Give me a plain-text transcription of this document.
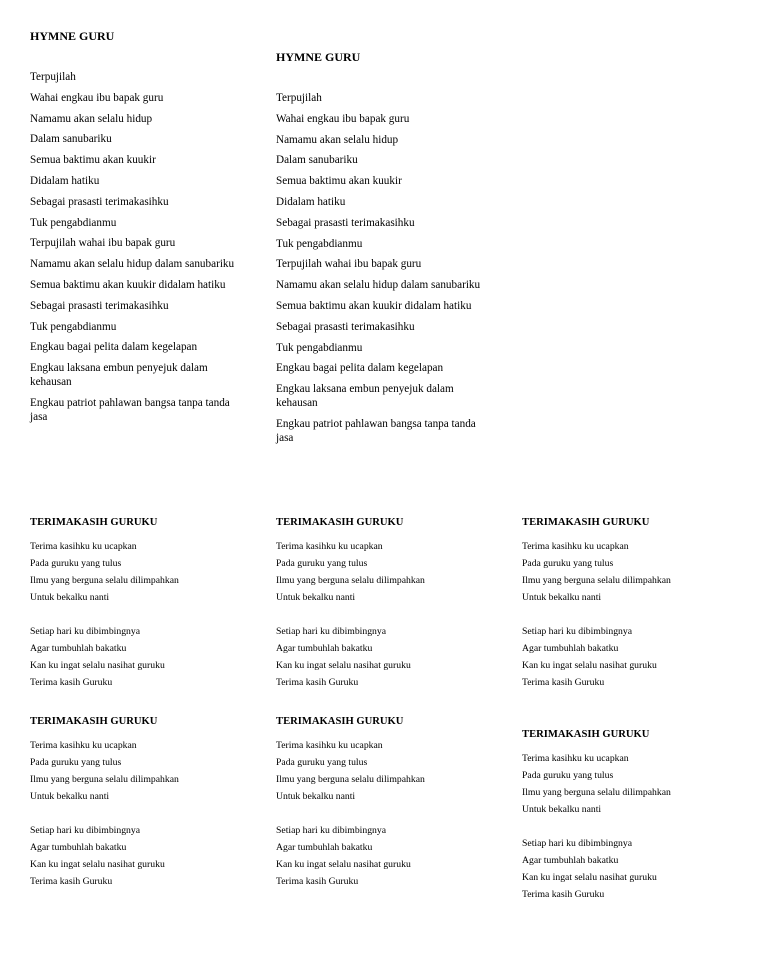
HYMNE GURU
Terpujilah
Wahai engkau ibu bapak guru
Namamu akan selalu hidup
Dalam sanubariku
Semua baktimu akan kuukir
Didalam hatiku
Sebagai prasasti terimakasihku
Tuk pengabdianmu
Terpujilah wahai ibu bapak guru
Namamu akan selalu hidup dalam sanubariku
Semua baktimu akan kuukir didalam hatiku
Sebagai prasasti terimakasihku
Tuk pengabdianmu
Engkau bagai pelita dalam kegelapan
Engkau laksana embun penyejuk dalam kehausan
Engkau patriot pahlawan bangsa tanpa tanda jasa
HYMNE GURU
Terpujilah
Wahai engkau ibu bapak guru
Namamu akan selalu hidup
Dalam sanubariku
Semua baktimu akan kuukir
Didalam hatiku
Sebagai prasasti terimakasihku
Tuk pengabdianmu
Terpujilah wahai ibu bapak guru
Namamu akan selalu hidup dalam sanubariku
Semua baktimu akan kuukir didalam hatiku
Sebagai prasasti terimakasihku
Tuk pengabdianmu
Engkau bagai pelita dalam kegelapan
Engkau laksana embun penyejuk dalam kehausan
Engkau patriot pahlawan bangsa tanpa tanda jasa
TERIMAKASIH GURUKU
Terima kasihku ku ucapkan
Pada guruku yang tulus
Ilmu yang berguna selalu dilimpahkan
Untuk bekalku nanti
Setiap hari ku dibimbingnya
Agar tumbuhlah bakatku
Kan ku ingat selalu nasihat guruku
Terima kasih Guruku
TERIMAKASIH GURUKU
Terima kasihku ku ucapkan
Pada guruku yang tulus
Ilmu yang berguna selalu dilimpahkan
Untuk bekalku nanti
Setiap hari ku dibimbingnya
Agar tumbuhlah bakatku
Kan ku ingat selalu nasihat guruku
Terima kasih Guruku
TERIMAKASIH GURUKU
Terima kasihku ku ucapkan
Pada guruku yang tulus
Ilmu yang berguna selalu dilimpahkan
Untuk bekalku nanti
Setiap hari ku dibimbingnya
Agar tumbuhlah bakatku
Kan ku ingat selalu nasihat guruku
Terima kasih Guruku
TERIMAKASIH GURUKU
Terima kasihku ku ucapkan
Pada guruku yang tulus
Ilmu yang berguna selalu dilimpahkan
Untuk bekalku nanti
Setiap hari ku dibimbingnya
Agar tumbuhlah bakatku
Kan ku ingat selalu nasihat guruku
Terima kasih Guruku
TERIMAKASIH GURUKU
Terima kasihku ku ucapkan
Pada guruku yang tulus
Ilmu yang berguna selalu dilimpahkan
Untuk bekalku nanti
Setiap hari ku dibimbingnya
Agar tumbuhlah bakatku
Kan ku ingat selalu nasihat guruku
Terima kasih Guruku
TERIMAKASIH GURUKU
Terima kasihku ku ucapkan
Pada guruku yang tulus
Ilmu yang berguna selalu dilimpahkan
Untuk bekalku nanti
Setiap hari ku dibimbingnya
Agar tumbuhlah bakatku
Kan ku ingat selalu nasihat guruku
Terima kasih Guruku
